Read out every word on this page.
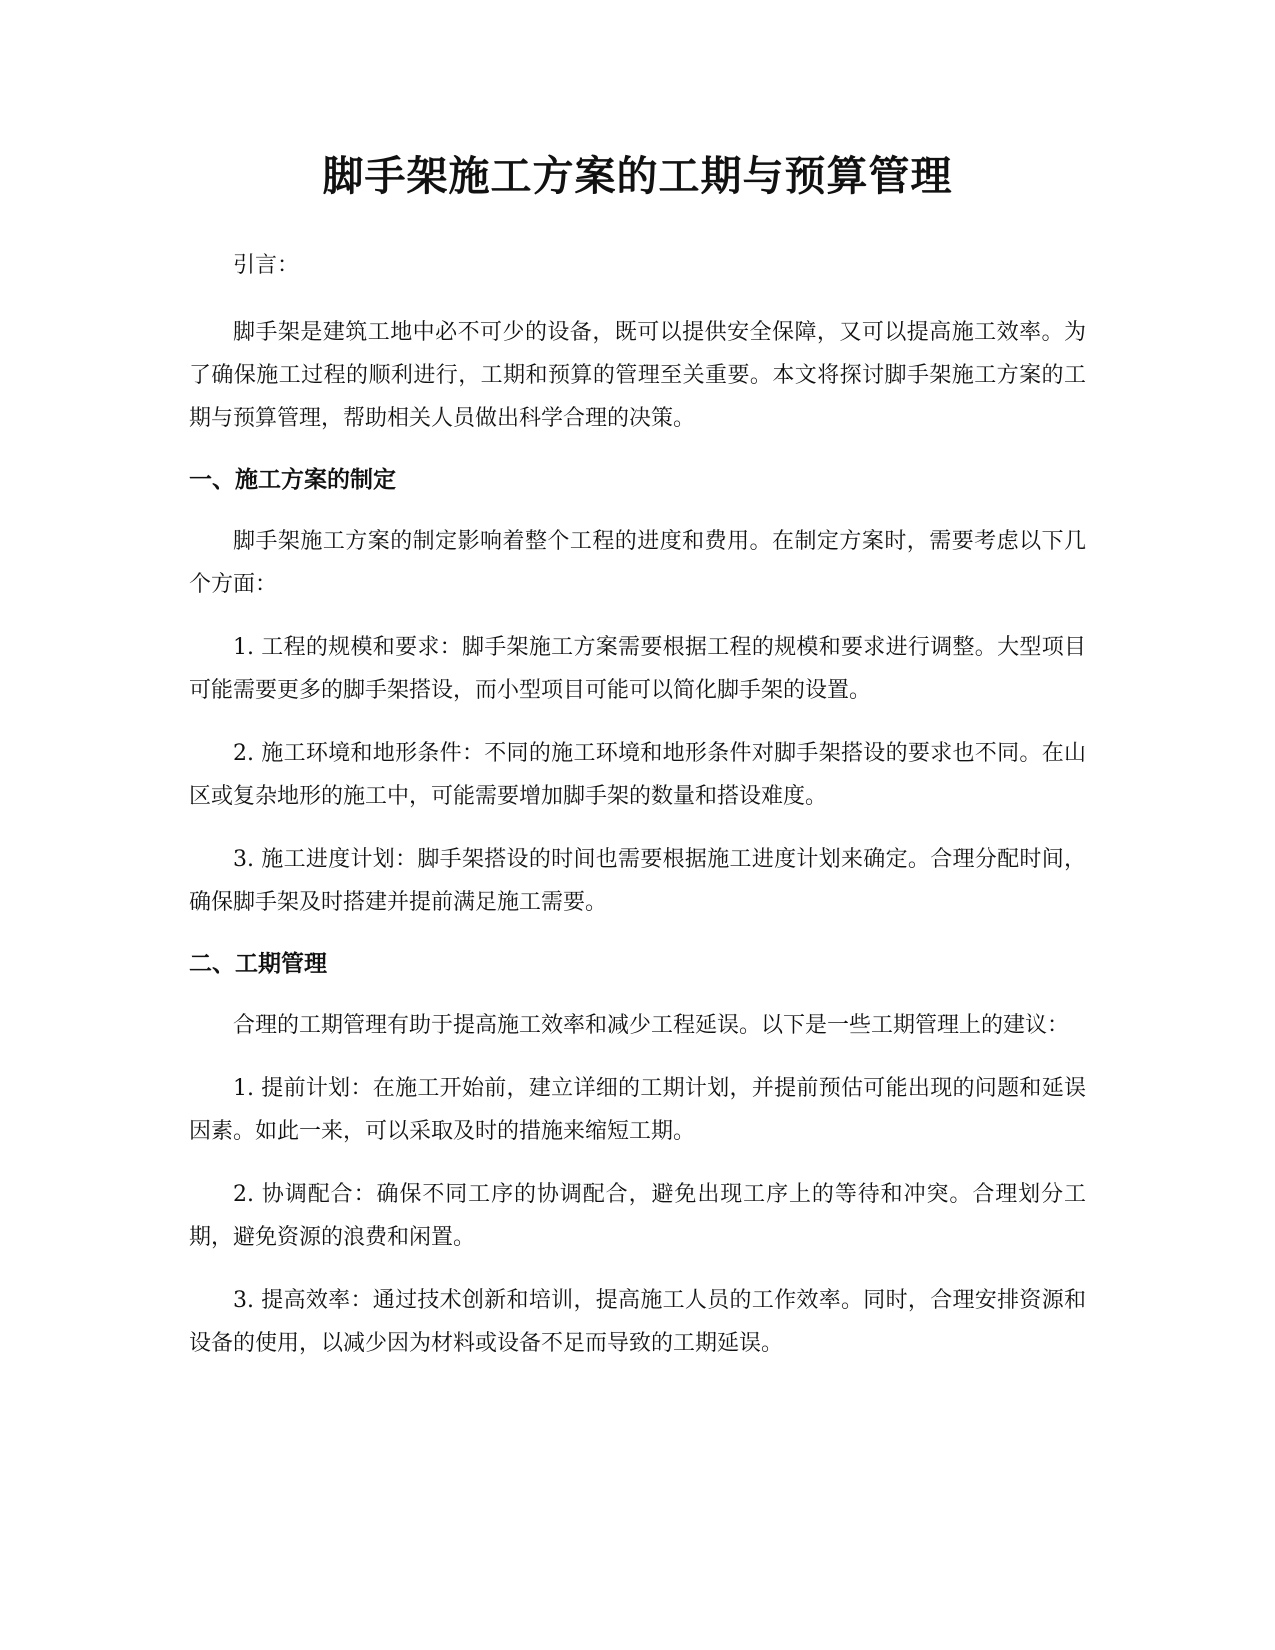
脚手架施工方案的工期与预算管理

引言：

脚手架是建筑工地中必不可少的设备，既可以提供安全保障，又可以提高施工效率。为了确保施工过程的顺利进行，工期和预算的管理至关重要。本文将探讨脚手架施工方案的工期与预算管理，帮助相关人员做出科学合理的决策。

一、施工方案的制定

脚手架施工方案的制定影响着整个工程的进度和费用。在制定方案时，需要考虑以下几个方面：

1. 工程的规模和要求：脚手架施工方案需要根据工程的规模和要求进行调整。大型项目可能需要更多的脚手架搭设，而小型项目可能可以简化脚手架的设置。

2. 施工环境和地形条件：不同的施工环境和地形条件对脚手架搭设的要求也不同。在山区或复杂地形的施工中，可能需要增加脚手架的数量和搭设难度。

3. 施工进度计划：脚手架搭设的时间也需要根据施工进度计划来确定。合理分配时间，确保脚手架及时搭建并提前满足施工需要。

二、工期管理

合理的工期管理有助于提高施工效率和减少工程延误。以下是一些工期管理上的建议：

1. 提前计划：在施工开始前，建立详细的工期计划，并提前预估可能出现的问题和延误因素。如此一来，可以采取及时的措施来缩短工期。

2. 协调配合：确保不同工序的协调配合，避免出现工序上的等待和冲突。合理划分工期，避免资源的浪费和闲置。

3. 提高效率：通过技术创新和培训，提高施工人员的工作效率。同时，合理安排资源和设备的使用，以减少因为材料或设备不足而导致的工期延误。
